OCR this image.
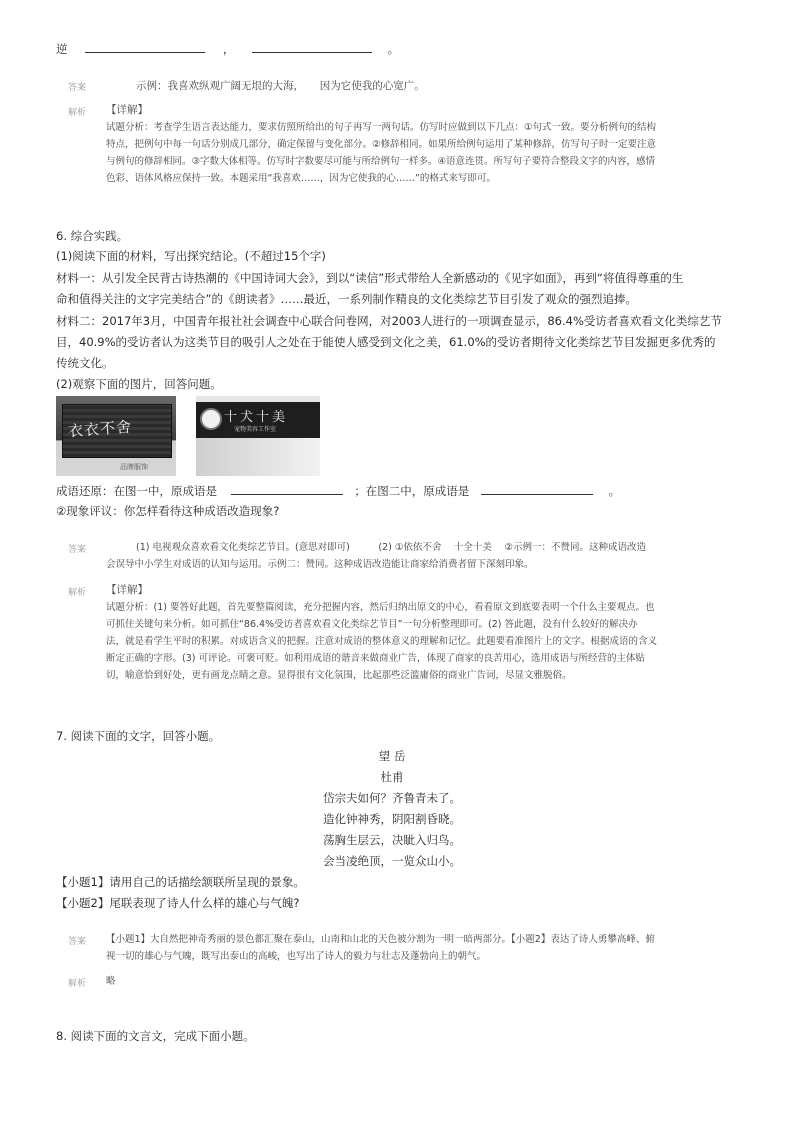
逆	，	。
答案	示例：我喜欢纵观广阔无垠的大海，　　因为它使我的心宽广。
解析 【详解】
试题分析：考查学生语言表达能力，要求仿照所给出的句子再写一两句话。仿写时应做到以下几点：①句式一致。要分析例句的结构
特点，把例句中每一句话分别成几部分，确定保留与变化部分。②修辞相同。如果所给例句运用了某种修辞，仿写句子时一定要注意
与例句的修辞相同。③字数大体相等。仿写时字数要尽可能与所给例句一样多。④语意连贯。所写句子要符合整段文字的内容，感情
色彩、语体风格应保持一致。本题采用“我喜欢……，因为它使我的心……”的格式来写即可。
6. 综合实践。
(1)阅读下面的材料，写出探究结论。(不超过15个字)
材料一：从引发全民背古诗热潮的《中国诗词大会》，到以“读信”形式带给人全新感动的《见字如面》，再到“将值得尊重的生
命和值得关注的文字完美结合”的《朗读者》……最近，一系列制作精良的文化类综艺节目引发了观众的强烈追捧。
材料二：2017年3月，中国青年报社社会调查中心联合问卷网，对2003人进行的一项调查显示，86.4%受访者喜欢看文化类综艺节
目，40.9%的受访者认为这类节目的吸引人之处在于能使人感受到文化之美，61.0%的受访者期待文化类综艺节目发掘更多优秀的
传统文化。
(2)观察下面的图片，回答问题。
衣衣不舍
品牌服饰
十犬十美
宠物美容工作室
成语还原：在图一中，原成语是	；在图二中，原成语是	。
②现象评议：你怎样看待这种成语改造现象?
答案	(1) 电视观众喜欢看文化类综艺节目。(意思对即可)　　　(2) ①依依不舍　 十全十美　 ②示例一：不赞同。这种成语改造
会误导中小学生对成语的认知与运用。示例二：赞同。这种成语改造能让商家给消费者留下深刻印象。
解析 【详解】
试题分析：(1) 要答好此题，首先要整篇阅读，充分把握内容，然后归纳出原文的中心，看看原文到底要表明一个什么主要观点。也
可抓住关键句来分析。如可抓住“86.4%受访者喜欢看文化类综艺节目”一句分析整理即可。(2) 答此题，没有什么较好的解决办
法，就是看学生平时的积累。对成语含义的把握。注意对成语的整体意义的理解和记忆。此题要看准图片上的文字。根据成语的含义
断定正确的字形。(3) 可评论。可褒可贬。如利用成语的谐音来做商业广告，体现了商家的良苦用心，选用成语与所经营的主体贴
切，喻意恰到好处，更有画龙点睛之意。显得很有文化氛围，比起那些泛滥庸俗的商业广告词，尽显文雅脱俗。
7. 阅读下面的文字，回答小题。
望 岳
杜甫
岱宗夫如何？齐鲁青未了。
造化钟神秀，阴阳割昏晓。
荡胸生层云，决眦入归鸟。
会当凌绝顶，一览众山小。
【小题1】请用自己的话描绘颔联所呈现的景象。
【小题2】尾联表现了诗人什么样的雄心与气魄?
答案 【小题1】大自然把神奇秀丽的景色都汇聚在泰山，山南和山北的天色被分割为一明一暗两部分。【小题2】表达了诗人勇攀高峰、俯
视一切的雄心与气魄，既写出泰山的高峻，也写出了诗人的毅力与壮志及蓬勃向上的朝气。
解析 略
8. 阅读下面的文言文，完成下面小题。
